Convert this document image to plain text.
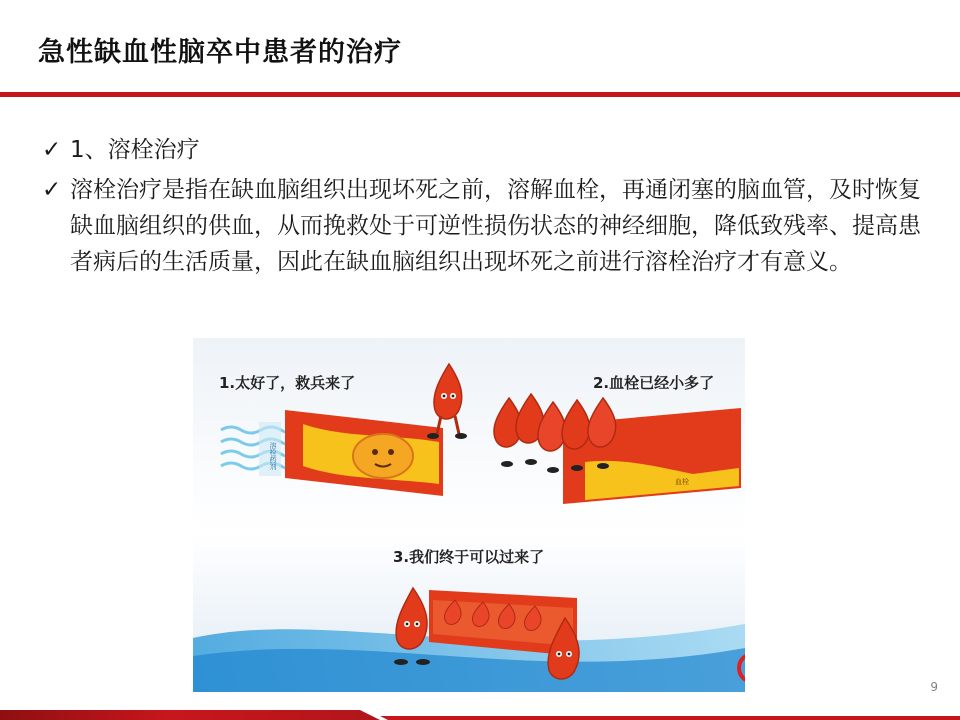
急性缺血性脑卒中患者的治疗
✓ 1、溶栓治疗
✓ 溶栓治疗是指在缺血脑组织出现坏死之前，溶解血栓，再通闭塞的脑血管，及时恢复缺血脑组织的供血，从而挽救处于可逆性损伤状态的神经细胞，降低致残率、提高患者病后的生活质量，因此在缺血脑组织出现坏死之前进行溶栓治疗才有意义。
溶栓药剂
血栓
1.太好了，救兵来了	2.血栓已经小多了
3.我们终于可以过来了
9
